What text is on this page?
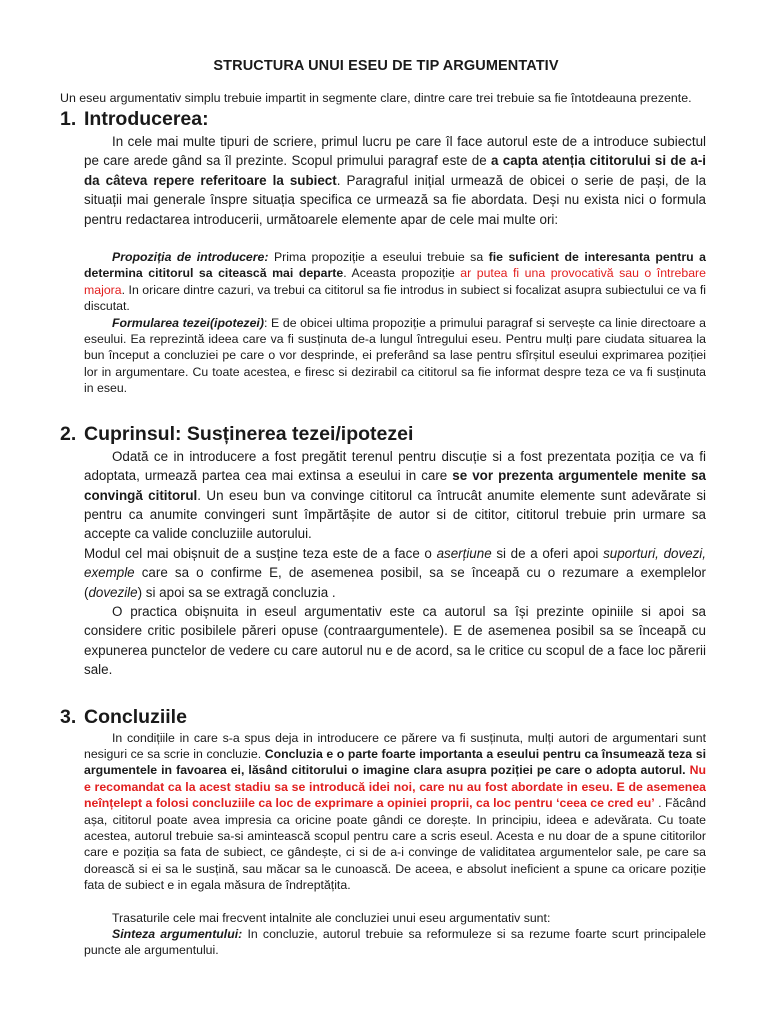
STRUCTURA UNUI ESEU DE TIP ARGUMENTATIV

Un eseu argumentativ simplu trebuie impartit in segmente clare, dintre care trei trebuie sa fie întotdeauna prezente.

1. Introducerea:

In cele mai multe tipuri de scriere, primul lucru pe care îl face autorul este de a introduce subiectul pe care arede gând sa îl prezinte. Scopul primului paragraf este de a capta atenția cititorului si de a-i da câteva repere referitoare la subiect. Paragraful inițial urmează de obicei o serie de pași, de la situații mai generale înspre situația specifica ce urmează sa fie abordata. Deși nu exista nici o formula pentru redactarea introducerii, următoarele elemente apar de cele mai multe ori:

Propoziția de introducere: Prima propoziție a eseului trebuie sa fie suficient de interesanta pentru a determina cititorul sa citească mai departe. Aceasta propoziție ar putea fi una provocativă sau o întrebare majora. In oricare dintre cazuri, va trebui ca cititorul sa fie introdus in subiect si focalizat asupra subiectului ce va fi discutat.

Formularea tezei(ipotezei): E de obicei ultima propoziție a primului paragraf si servește ca linie directoare a eseului. Ea reprezintă ideea care va fi susținuta de-a lungul întregului eseu. Pentru mulți pare ciudata situarea la bun început a concluziei pe care o vor desprinde, ei preferând sa lase pentru sfîrșitul eseului exprimarea poziției lor in argumentare. Cu toate acestea, e firesc si dezirabil ca cititorul sa fie informat despre teza ce va fi susținuta in eseu.

2. Cuprinsul: Susținerea tezei/ipotezei

Odată ce in introducere a fost pregătit terenul pentru discuție si a fost prezentata poziția ce va fi adoptata, urmează partea cea mai extinsa a eseului in care se vor prezenta argumentele menite sa convingă cititorul. Un eseu bun va convinge cititorul ca întrucât anumite elemente sunt adevărate si pentru ca anumite convingeri sunt împărtășite de autor si de cititor, cititorul trebuie prin urmare sa accepte ca valide concluziile autorului.

Modul cel mai obișnuit de a susține teza este de a face o aserțiune si de a oferi apoi suporturi, dovezi, exemple care sa o confirme E, de asemenea posibil, sa se înceapă cu o rezumare a exemplelor (dovezile) si apoi sa se extragă concluzia .

O practica obișnuita in eseul argumentativ este ca autorul sa își prezinte opiniile si apoi sa considere critic posibilele păreri opuse (contraargumentele). E de asemenea posibil sa se înceapă cu expunerea punctelor de vedere cu care autorul nu e de acord, sa le critice cu scopul de a face loc părerii sale.

3. Concluziile

In condițiile in care s-a spus deja in introducere ce părere va fi susținuta, mulți autori de argumentari sunt nesiguri ce sa scrie in concluzie. Concluzia e o parte foarte importanta a eseului pentru ca însumează teza si argumentele in favoarea ei, lăsând cititorului o imagine clara asupra poziției pe care o adopta autorul. Nu e recomandat ca la acest stadiu sa se introducă idei noi, care nu au fost abordate in eseu. E de asemenea neînțelept a folosi concluziile ca loc de exprimare a opiniei proprii, ca loc pentru ‘ceea ce cred eu’ . Făcând așa, cititorul poate avea impresia ca oricine poate gândi ce dorește. In principiu, ideea e adevărata. Cu toate acestea, autorul trebuie sa-si amintească scopul pentru care a scris eseul. Acesta e nu doar de a spune cititorilor care e poziția sa fata de subiect, ce gândește, ci si de a-i convinge de validitatea argumentelor sale, pe care sa dorească si ei sa le susțină, sau măcar sa le cunoască. De aceea, e absolut ineficient a spune ca oricare poziție fata de subiect e in egala măsura de îndreptățita.

Trasaturile cele mai frecvent intalnite ale concluziei unui eseu argumentativ sunt:

Sinteza argumentului: In concluzie, autorul trebuie sa reformuleze si sa rezume foarte scurt principalele puncte ale argumentului.
